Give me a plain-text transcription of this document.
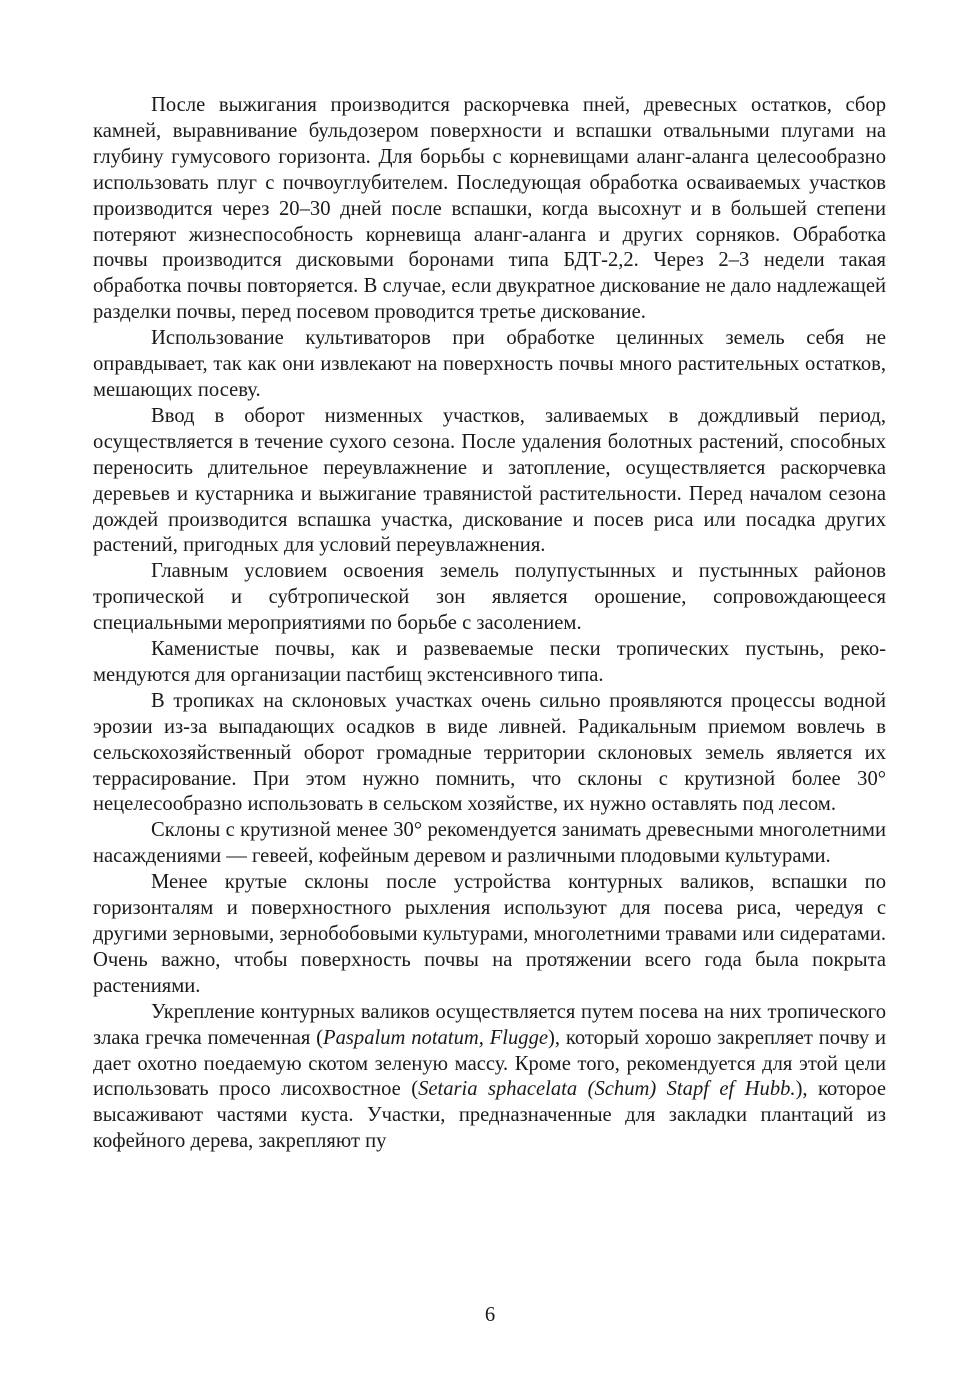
После выжигания производится раскорчевка пней, древесных остатков, сбор камней, выравнивание бульдозером поверхности и вспашки отвальными плугами на глубину гумусового горизонта. Для борьбы с корневищами аланг-аланга целесообразно использовать плуг с почвоуглубителем. Последующая обработка осваиваемых участков производится через 20–30 дней после вспашки, когда высохнут и в большей степени потеряют жизнеспособность корневища аланг-аланга и других сорняков. Обработка почвы производится дисковыми боронами типа БДТ-2,2. Через 2–3 недели такая обработка почвы повторяется. В случае, если двукратное дискование не дало надлежащей разделки почвы, перед посевом проводится третье дискование.

Использование культиваторов при обработке целинных земель себя не оправдывает, так как они извлекают на поверхность почвы много растительных остатков, мешающих посеву.

Ввод в оборот низменных участков, заливаемых в дождливый период, осуществляется в течение сухого сезона. После удаления болотных растений, способных переносить длительное переувлажнение и затопление, осуществляется раскорчевка деревьев и кустарника и выжигание травянистой растительности. Перед началом сезона дождей производится вспашка участка, дискование и посев риса или посадка других растений, пригодных для условий переувлажнения.

Главным условием освоения земель полупустынных и пустынных районов тропической и субтропической зон является орошение, сопровождающееся специальными мероприятиями по борьбе с засолением.

Каменистые почвы, как и развеваемые пески тропических пустынь, рекомендуются для организации пастбищ экстенсивного типа.

В тропиках на склоновых участках очень сильно проявляются процессы водной эрозии из-за выпадающих осадков в виде ливней. Радикальным приемом вовлечь в сельскохозяйственный оборот громадные территории склоновых земель является их террасирование. При этом нужно помнить, что склоны с крутизной более 30° нецелесообразно использовать в сельском хозяйстве, их нужно оставлять под лесом.

Склоны с крутизной менее 30° рекомендуется занимать древесными многолетними насаждениями — гевеей, кофейным деревом и различными плодовыми культурами.

Менее крутые склоны после устройства контурных валиков, вспашки по горизонталям и поверхностного рыхления используют для посева риса, чередуя с другими зерновыми, зернобобовыми культурами, многолетними травами или сидератами. Очень важно, чтобы поверхность почвы на протяжении всего года была покрыта растениями.

Укрепление контурных валиков осуществляется путем посева на них тропического злака гречка помеченная (Paspalum notatum, Flugge), который хорошо закрепляет почву и дает охотно поедаемую скотом зеленую массу. Кроме того, рекомендуется для этой цели использовать просо лисохвостное (Setaria sphacelata (Schum) Stapf ef Hubb.), которое высаживают частями куста. Участки, предназначенные для закладки плантаций из кофейного дерева, закрепляют пу

6
